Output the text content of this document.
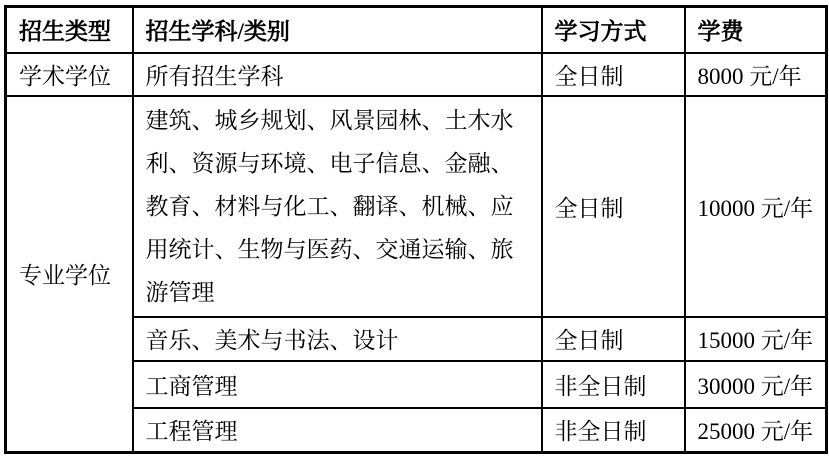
招生类型	招生学科/类别	学习方式	学费
学术学位	所有招生学科	全日制	8000 元/年
专业学位	建筑、城乡规划、风景园林、土木水利、资源与环境、电子信息、金融、教育、材料与化工、翻译、机械、应用统计、生物与医药、交通运输、旅游管理	全日制	10000 元/年
	音乐、美术与书法、设计	全日制	15000 元/年
	工商管理	非全日制	30000 元/年
	工程管理	非全日制	25000 元/年
